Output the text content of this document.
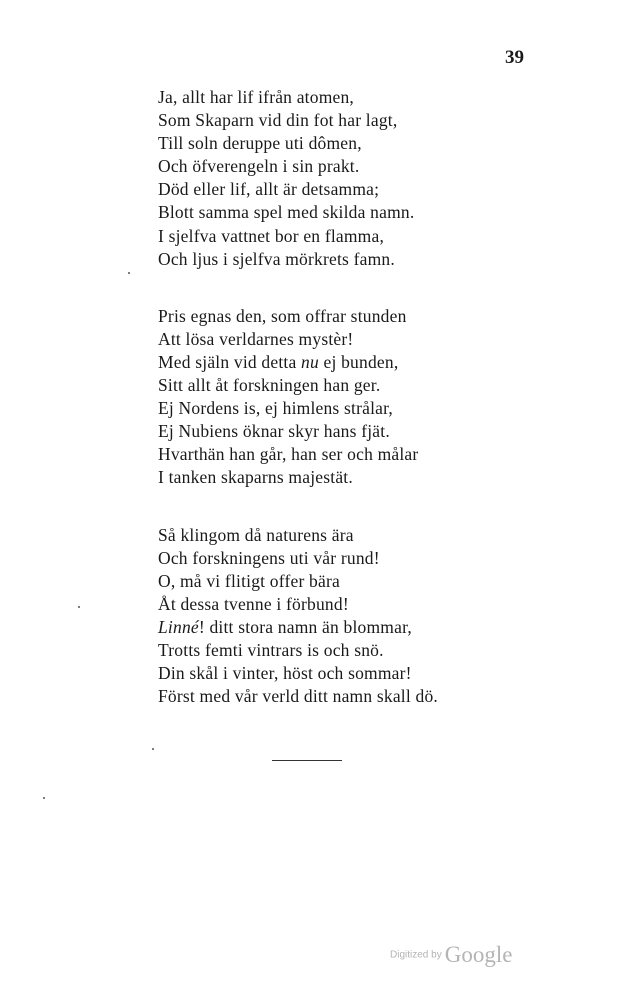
39
Ja, allt har lif ifrån atomen,
Som Skaparn vid din fot har lagt,
Till soln deruppe uti dômen,
Och öfverengeln i sin prakt.
Död eller lif, allt är detsamma;
Blott samma spel med skilda namn.
I sjelfva vattnet bor en flamma,
Och ljus i sjelfva mörkrets famn.
Pris egnas den, som offrar stunden
Att lösa verldarnes mystèr!
Med själn vid detta nu ej bunden,
Sitt allt åt forskningen han ger.
Ej Nordens is, ej himlens strålar,
Ej Nubiens öknar skyr hans fjät.
Hvarthän han går, han ser och målar
I tanken skaparns majestät.
Så klingom då naturens ära
Och forskningens uti vår rund!
O, må vi flitigt offer bära
Åt dessa tvenne i förbund!
Linné! ditt stora namn än blommar,
Trotts femti vintrars is och snö.
Din skål i vinter, höst och sommar!
Först med vår verld ditt namn skall dö.
Digitized by Google
